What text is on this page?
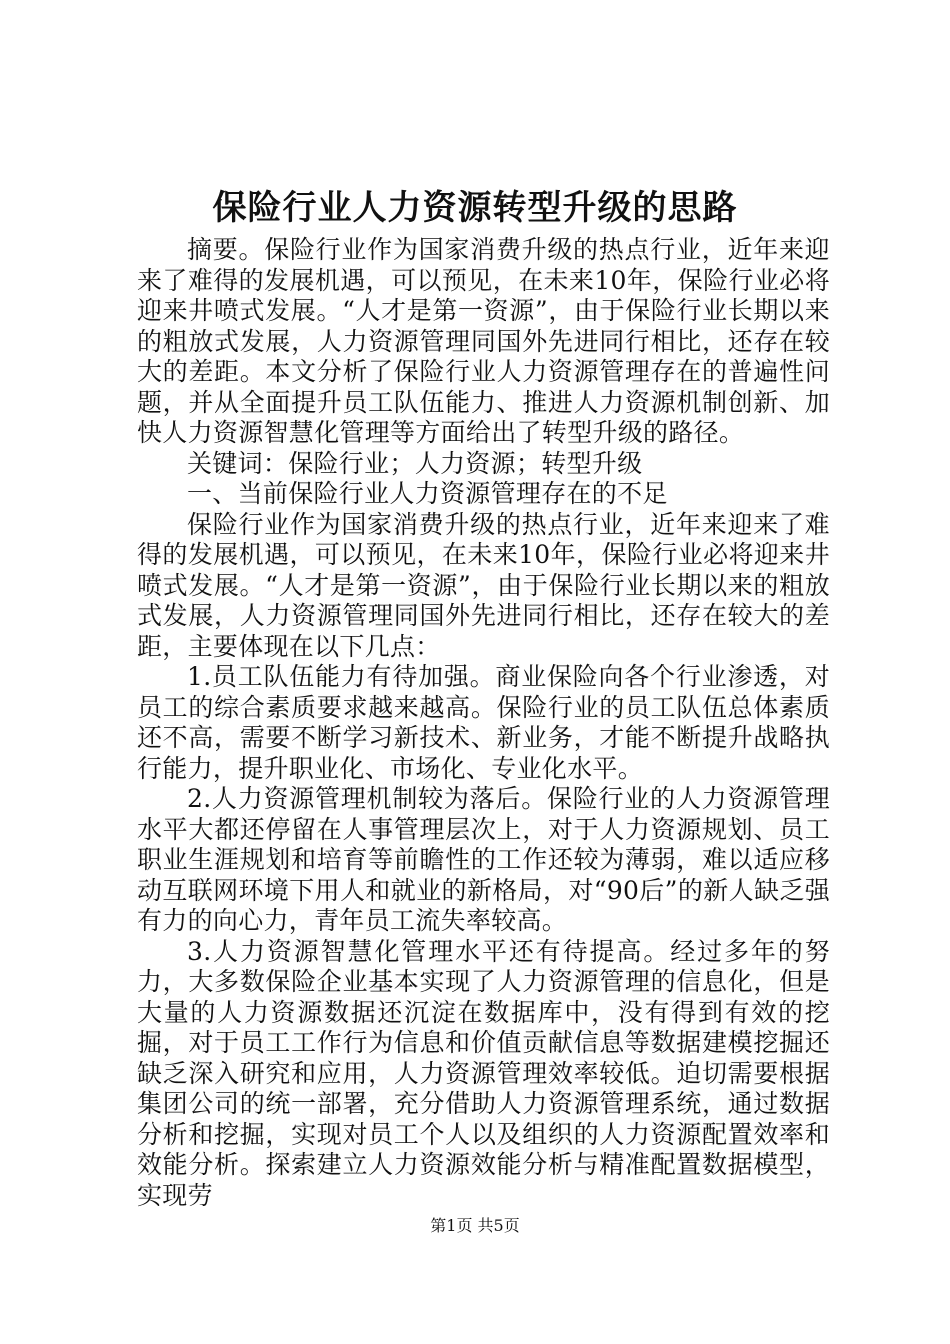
保险行业人力资源转型升级的思路

摘要。保险行业作为国家消费升级的热点行业，近年来迎来了难得的发展机遇，可以预见，在未来10年，保险行业必将迎来井喷式发展。“人才是第一资源”，由于保险行业长期以来的粗放式发展，人力资源管理同国外先进同行相比，还存在较大的差距。本文分析了保险行业人力资源管理存在的普遍性问题，并从全面提升员工队伍能力、推进人力资源机制创新、加快人力资源智慧化管理等方面给出了转型升级的路径。

关键词：保险行业；人力资源；转型升级

一、当前保险行业人力资源管理存在的不足

保险行业作为国家消费升级的热点行业，近年来迎来了难得的发展机遇，可以预见，在未来10年，保险行业必将迎来井喷式发展。“人才是第一资源”，由于保险行业长期以来的粗放式发展，人力资源管理同国外先进同行相比，还存在较大的差距，主要体现在以下几点：

1.员工队伍能力有待加强。商业保险向各个行业渗透，对员工的综合素质要求越来越高。保险行业的员工队伍总体素质还不高，需要不断学习新技术、新业务，才能不断提升战略执行能力，提升职业化、市场化、专业化水平。

2.人力资源管理机制较为落后。保险行业的人力资源管理水平大都还停留在人事管理层次上，对于人力资源规划、员工职业生涯规划和培育等前瞻性的工作还较为薄弱，难以适应移动互联网环境下用人和就业的新格局，对“90后”的新人缺乏强有力的向心力，青年员工流失率较高。

3.人力资源智慧化管理水平还有待提高。经过多年的努力，大多数保险企业基本实现了人力资源管理的信息化，但是大量的人力资源数据还沉淀在数据库中，没有得到有效的挖掘，对于员工工作行为信息和价值贡献信息等数据建模挖掘还缺乏深入研究和应用，人力资源管理效率较低。迫切需要根据集团公司的统一部署，充分借助人力资源管理系统，通过数据分析和挖掘，实现对员工个人以及组织的人力资源配置效率和效能分析。探索建立人力资源效能分析与精准配置数据模型，实现劳

第1页 共5页
